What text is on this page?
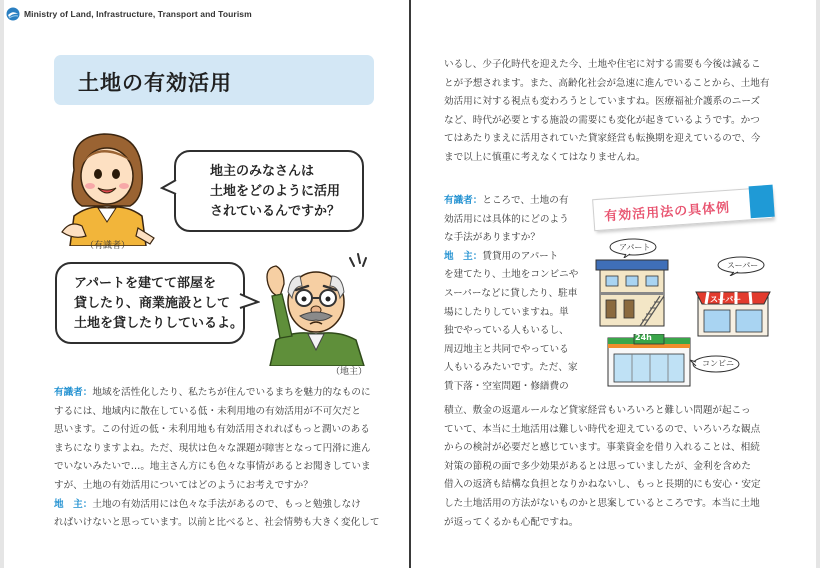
Ministry of Land, Infrastructure, Transport and Tourism
土地の有効活用
地主のみなさんは
土地をどのように活用
されているんですか？
（有識者）
アパートを建てて部屋を
貸したり、商業施設として
土地を貸したりしているよ。
（地主）

有識者：地域を活性化したり、私たちが住んでいるまちを魅力的なものに

するには、地域内に散在している低・未利用地の有効活用が不可欠だと

思います。この付近の低・未利用地も有効活用されればもっと潤いのある

まちになりますよね。ただ、現状は色々な課題が障害となって円滑に進ん

でいないみたいで…。地主さん方にも色々な事情があるとお聞きしていま

すが、土地の有効活用についてはどのようにお考えですか？

地　主：土地の有効活用には色々な手法があるので、もっと勉強しなけ

ればいけないと思っています。以前と比べると、社会情勢も大きく変化して

いるし、少子化時代を迎えた今、土地や住宅に対する需要も今後は減るこ

とが予想されます。また、高齢化社会が急速に進んでいることから、土地有

効活用に対する視点も変わろうとしていますね。医療福祉介護系のニーズ

など、時代が必要とする施設の需要にも変化が起きているようです。かつ

てはあたりまえに活用されていた貸家経営も転換期を迎えているので、今

まで以上に慎重に考えなくてはなりませんね。

有識者：ところで、土地の有

効活用には具体的にどのよう

な手法がありますか？

地　主：賃貸用のアパート

を建てたり、土地をコンビニや

スーパーなどに貸したり、駐車

場にしたりしていますね。単

独でやっている人もいるし、

周辺地主と共同でやっている

人もいるみたいです。ただ、家

賃下落・空室問題・修繕費の

有効活用法の具体例
アパート
スーパー
スーパー
24h
コンビニ

積立、敷金の返還ルールなど貸家経営もいろいろと難しい問題が起こっ

ていて、本当に土地活用は難しい時代を迎えているので、いろいろな観点

からの検討が必要だと感じています。事業資金を借り入れることは、相続

対策の節税の面で多少効果があるとは思っていましたが、金利を含めた

借入の返済も結構な負担となりかねないし、もっと長期的にも安心・安定

した土地活用の方法がないものかと思案しているところです。本当に土地

が返ってくるかも心配ですね。
